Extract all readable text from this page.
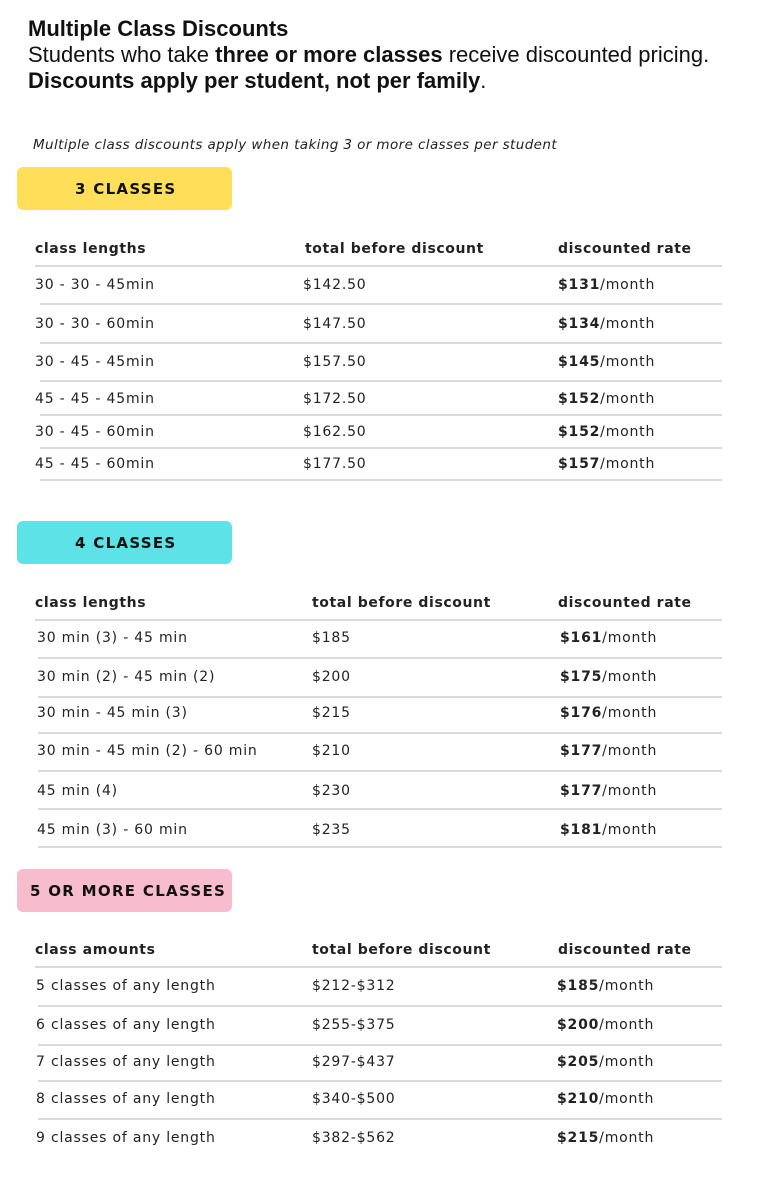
Multiple Class Discounts
Students who take three or more classes receive discounted pricing.
Discounts apply per student, not per family.
Multiple class discounts apply when taking 3 or more classes per student
3 CLASSES
class lengths	total before discount	discounted rate
30 - 30 - 45min	$142.50	$131/month
30 - 30 - 60min	$147.50	$134/month
30 - 45 - 45min	$157.50	$145/month
45 - 45 - 45min	$172.50	$152/month
30 - 45 - 60min	$162.50	$152/month
45 - 45 - 60min	$177.50	$157/month
4 CLASSES
class lengths	total before discount	discounted rate
30 min (3) - 45 min	$185	$161/month
30 min (2) - 45 min (2)	$200	$175/month
30 min - 45 min (3)	$215	$176/month
30 min - 45 min (2) - 60 min	$210	$177/month
45 min (4)	$230	$177/month
45 min (3) - 60 min	$235	$181/month
5 OR MORE CLASSES
class amounts	total before discount	discounted rate
5 classes of any length	$212-$312	$185/month
6 classes of any length	$255-$375	$200/month
7 classes of any length	$297-$437	$205/month
8 classes of any length	$340-$500	$210/month
9 classes of any length	$382-$562	$215/month
